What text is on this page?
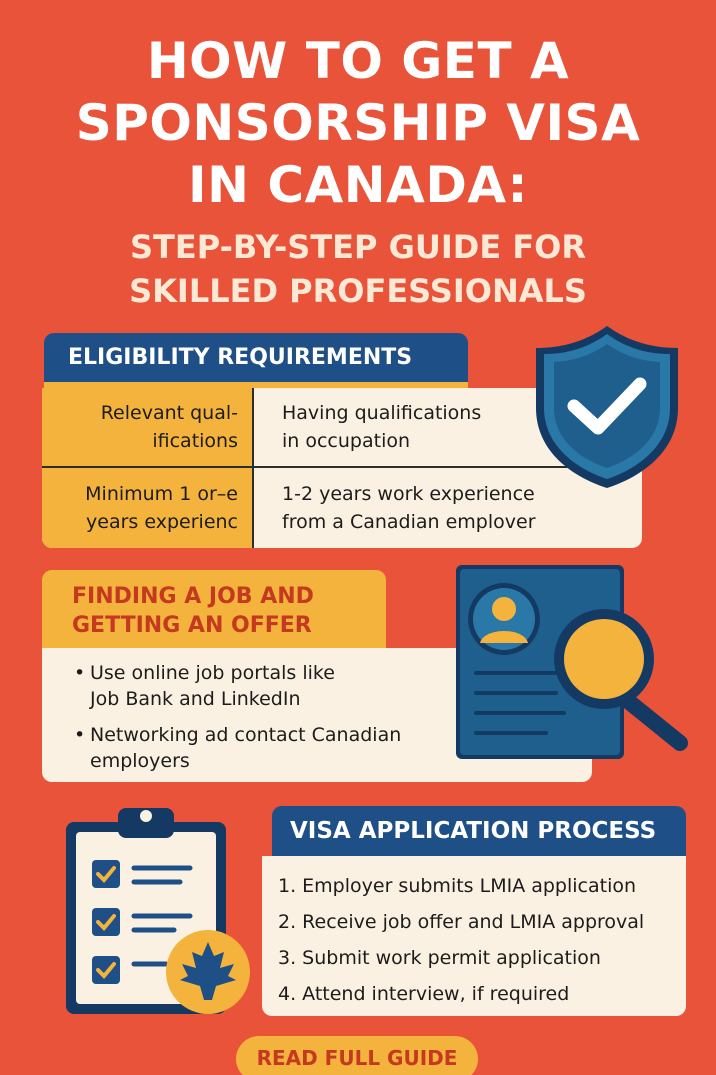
HOW TO GET A
SPONSORSHIP VISA
IN CANADA:
STEP-BY-STEP GUIDE FOR
SKILLED PROFESSIONALS
ELIGIBILITY REQUIREMENTS
Relevant qual-
ifications
Having qualifications
in occupation
Minimum 1 or–e
years experienc
1-2 years work experience
from a Canadian emplover
FINDING A JOB AND
GETTING AN OFFER
• Use online job portals like
Job Bank and LinkedIn
• Networking ad contact Canadian
employers
VISA APPLICATION PROCESS
1. Employer submits LMIA application
2. Receive job offer and LMIA approval
3. Submit work permit application
4. Attend interview, if required
READ FULL GUIDE
